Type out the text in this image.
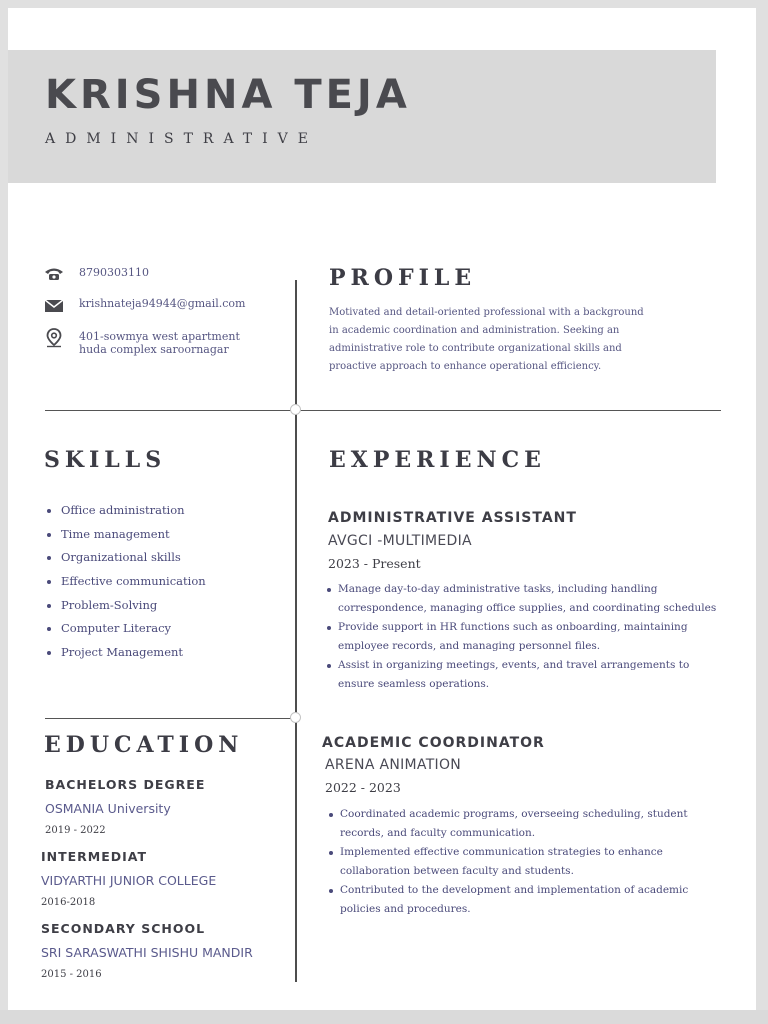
KRISHNA TEJA
ADMINISTRATIVE
8790303110
krishnateja94944@gmail.com
401-sowmya west apartment huda complex saroornagar
PROFILE
Motivated and detail-oriented professional with a background in academic coordination and administration. Seeking an administrative role to contribute organizational skills and proactive approach to enhance operational efficiency.
SKILLS
Office administration
Time management
Organizational skills
Effective communication
Problem-Solving
Computer Literacy
Project Management
EXPERIENCE
ADMINISTRATIVE ASSISTANT
AVGCI -MULTIMEDIA
2023 - Present
Manage day-to-day administrative tasks, including handling correspondence, managing office supplies, and coordinating schedules
Provide support in HR functions such as onboarding, maintaining employee records, and managing personnel files.
Assist in organizing meetings, events, and travel arrangements to ensure seamless operations.
ACADEMIC COORDINATOR
ARENA ANIMATION
2022 - 2023
Coordinated academic programs, overseeing scheduling, student records, and faculty communication.
Implemented effective communication strategies to enhance collaboration between faculty and students.
Contributed to the development and implementation of academic policies and procedures.
EDUCATION
BACHELORS DEGREE
OSMANIA University
2019 - 2022
INTERMEDIAT
VIDYARTHI JUNIOR COLLEGE
2016-2018
SECONDARY SCHOOL
SRI SARASWATHI SHISHU MANDIR
2015 - 2016
